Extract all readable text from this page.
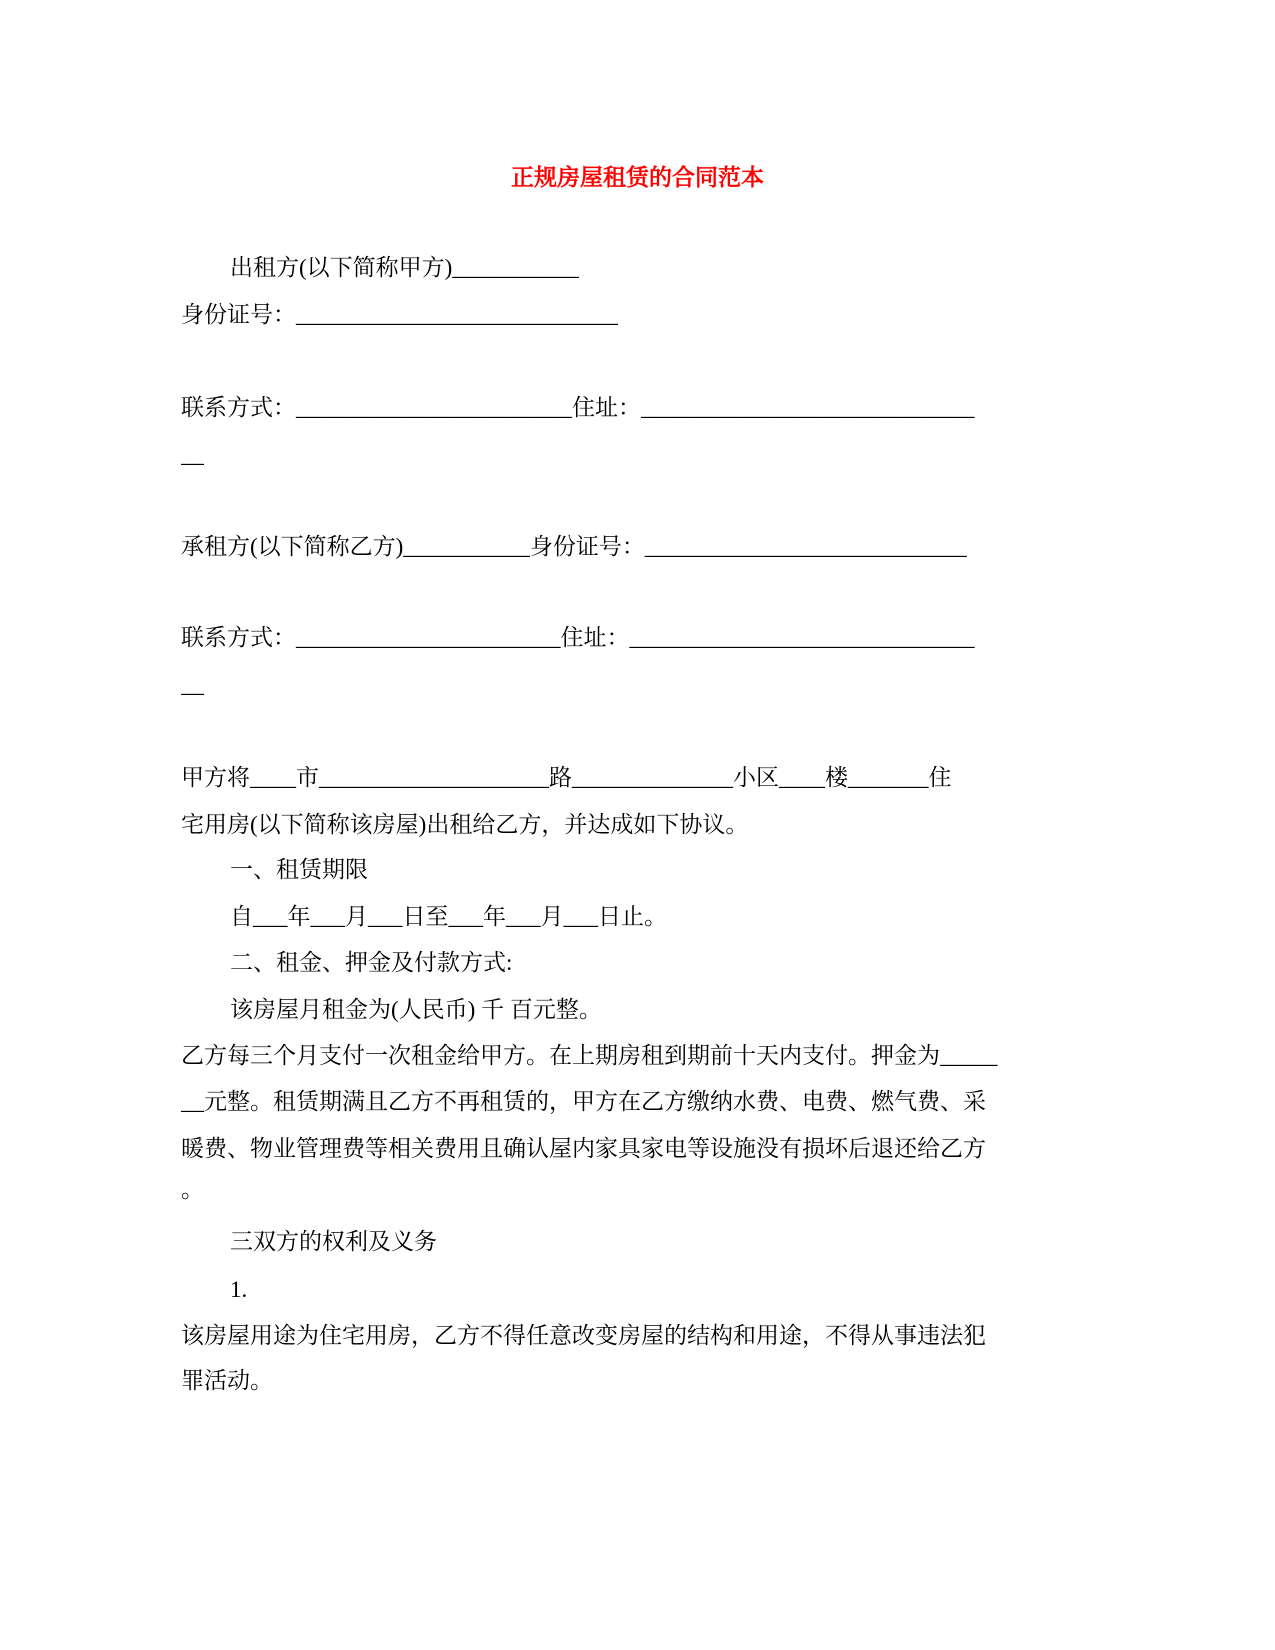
正规房屋租赁的合同范本
出租方(以下简称甲方)___________
身份证号：____________________________
联系方式：________________________住址：_____________________________
__
承租方(以下简称乙方)___________身份证号：____________________________
联系方式：_______________________住址：______________________________
__
甲方将____市____________________路______________小区____楼_______住
宅用房(以下简称该房屋)出租给乙方，并达成如下协议。
一、租赁期限
自___年___月___日至___年___月___日止。
二、租金、押金及付款方式:
该房屋月租金为(人民币) 千 百元整。
乙方每三个月支付一次租金给甲方。在上期房租到期前十天内支付。押金为_____
__元整。租赁期满且乙方不再租赁的，甲方在乙方缴纳水费、电费、燃气费、采
暖费、物业管理费等相关费用且确认屋内家具家电等设施没有损坏后退还给乙方
。
三双方的权利及义务
1.
该房屋用途为住宅用房，乙方不得任意改变房屋的结构和用途，不得从事违法犯
罪活动。
